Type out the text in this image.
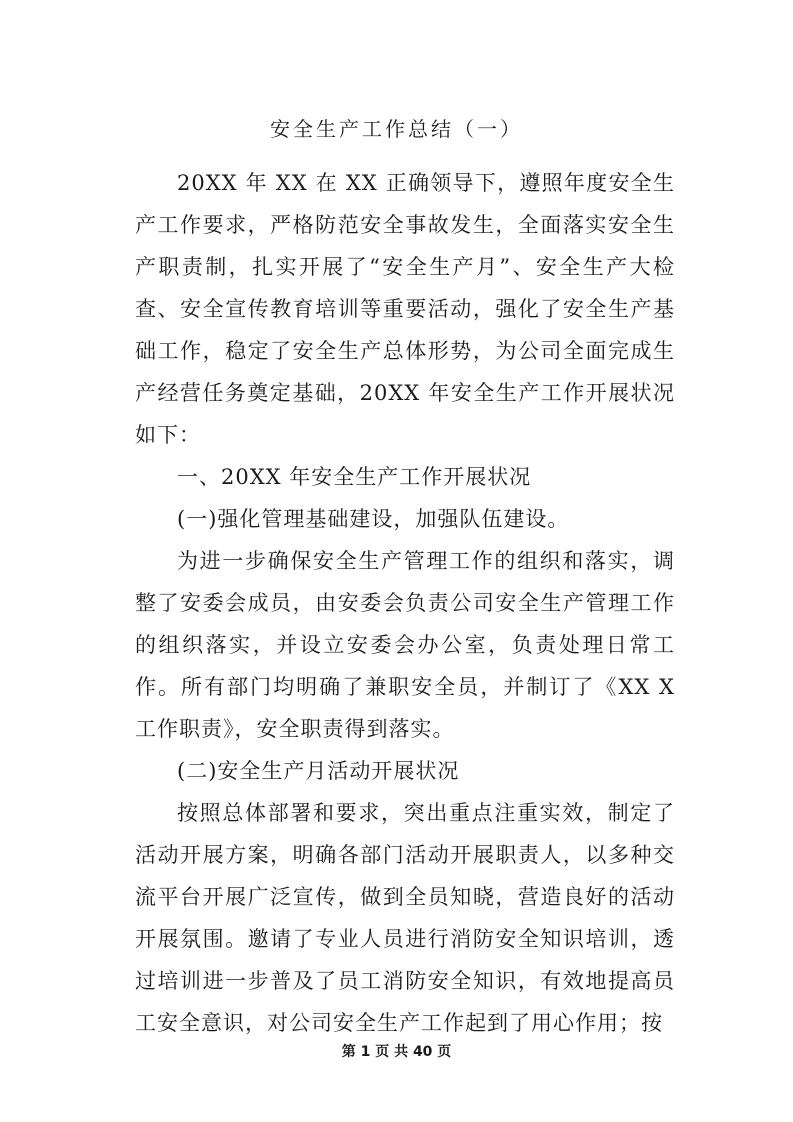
安全生产工作总结（一）

20XX 年 XX 在 XX 正确领导下，遵照年度安全生产工作要求，严格防范安全事故发生，全面落实安全生产职责制，扎实开展了“安全生产月”、安全生产大检查、安全宣传教育培训等重要活动，强化了安全生产基础工作，稳定了安全生产总体形势，为公司全面完成生产经营任务奠定基础，20XX 年安全生产工作开展状况如下：

一、20XX 年安全生产工作开展状况

(一)强化管理基础建设，加强队伍建设。

为进一步确保安全生产管理工作的组织和落实，调整了安委会成员，由安委会负责公司安全生产管理工作的组织落实，并设立安委会办公室，负责处理日常工作。所有部门均明确了兼职安全员，并制订了《XX X 工作职责》，安全职责得到落实。

(二)安全生产月活动开展状况

按照总体部署和要求，突出重点注重实效，制定了活动开展方案，明确各部门活动开展职责人，以多种交流平台开展广泛宣传，做到全员知晓，营造良好的活动开展氛围。邀请了专业人员进行消防安全知识培训，透过培训进一步普及了员工消防安全知识，有效地提高员工安全意识，对公司安全生产工作起到了用心作用；按

第 1 页 共 40 页
